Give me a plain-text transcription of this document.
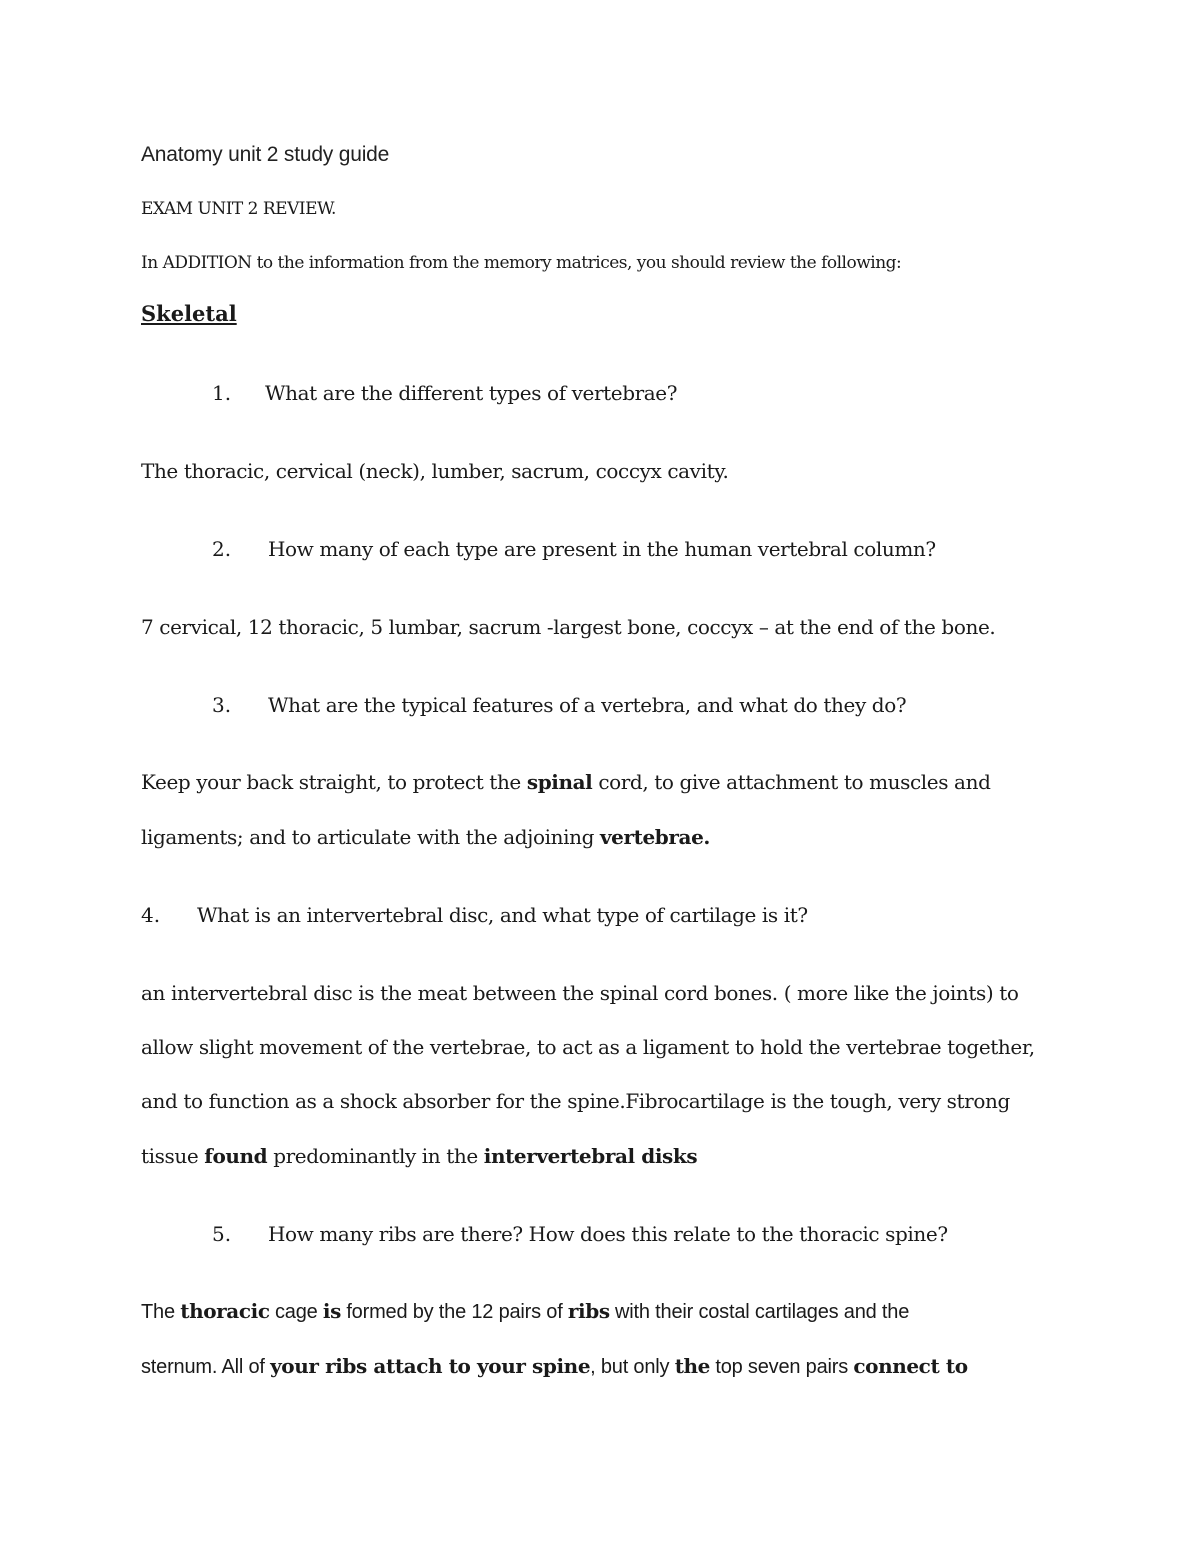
Anatomy unit 2 study guide
EXAM UNIT 2 REVIEW.
In ADDITION to the information from the memory matrices, you should review the following:
Skeletal
1. What are the different types of vertebrae?
The thoracic, cervical (neck), lumber, sacrum, coccyx cavity.
2. How many of each type are present in the human vertebral column?
7 cervical, 12 thoracic, 5 lumbar, sacrum -largest bone, coccyx – at the end of the bone.
3. What are the typical features of a vertebra, and what do they do?
Keep your back straight, to protect the spinal cord, to give attachment to muscles and
ligaments; and to articulate with the adjoining vertebrae.
4. What is an intervertebral disc, and what type of cartilage is it?
an intervertebral disc is the meat between the spinal cord bones. ( more like the joints) to
allow slight movement of the vertebrae, to act as a ligament to hold the vertebrae together,
and to function as a shock absorber for the spine.Fibrocartilage is the tough, very strong
tissue found predominantly in the intervertebral disks
5. How many ribs are there? How does this relate to the thoracic spine?
The thoracic cage is formed by the 12 pairs of ribs with their costal cartilages and the
sternum. All of your ribs attach to your spine, but only the top seven pairs connect to
